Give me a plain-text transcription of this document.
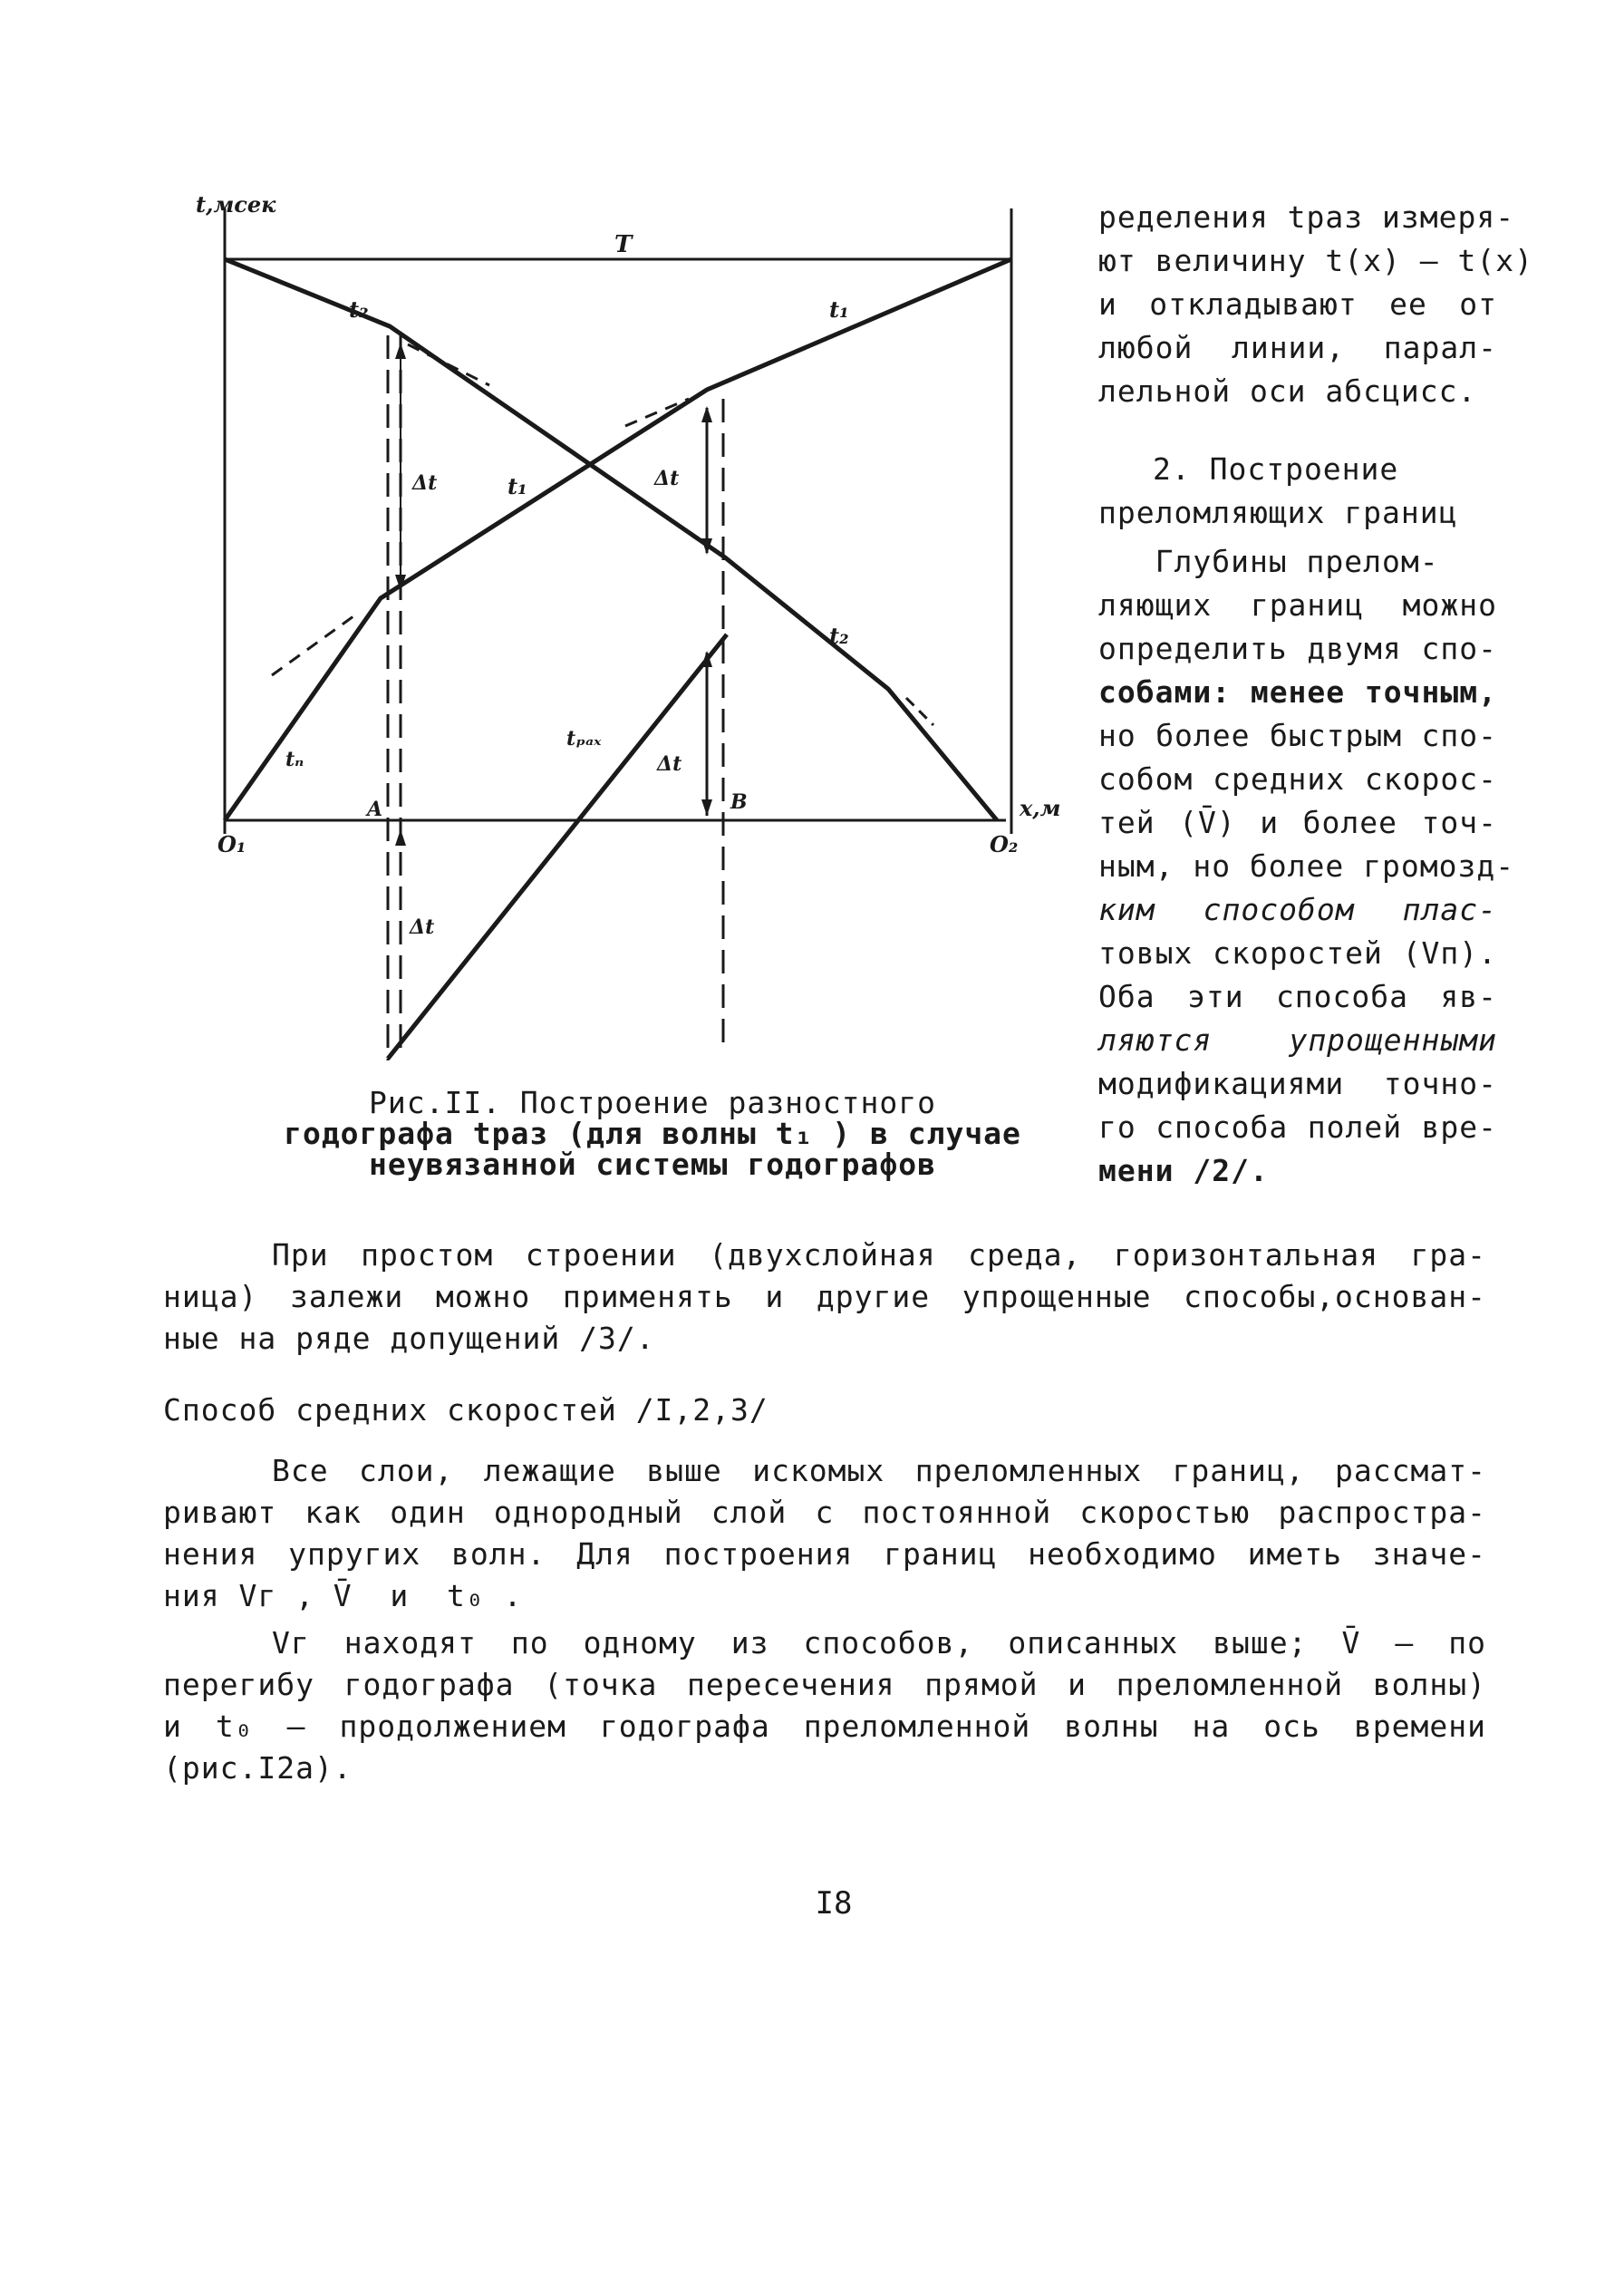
t,мсек
x,м
T
t₂	t₁
t₁
t₂
tₙ
tₚₐₓ
Δt	Δt
Δt
Δt
O₁	O₂
A	B
Рис.II. Построение разностного
годографа tраз (для волны t₁ ) в случае
неувязанной системы годографов
ределения tраз измеря-
ют величину t(x) – t(x)
и откладывают ее от
любой линии, парал-
лельной оси абсцисс.
2. Построение
преломляющих границ
Глубины прелом-
ляющих границ можно
определить двумя спо-
собами: менее точным,
но более быстрым спо-
собом средних скорос-
тей (V̄) и более точ-
ным, но более громозд-
ким способом плас-
товых скоростей (Vп).
Оба эти способа яв-
ляются упрощенными
модификациями точно-
го способа полей вре-
мени /2/.
При простом строении (двухслойная среда, горизонтальная гра-
ница) залежи можно применять и другие упрощенные способы,основан-
ные на ряде допущений /3/.
Способ средних скоростей /I,2,3/
Все слои, лежащие выше искомых преломленных границ, рассмат-
ривают как один однородный слой с постоянной скоростью распростра-
нения упругих волн. Для построения границ необходимо иметь значе-
ния Vг , V̄  и  t₀ .
Vг находят по одному из способов, описанных выше; V̄ — по
перегибу годографа (точка пересечения прямой и преломленной волны)
и t₀ — продолжением годографа преломленной волны на ось времени
(рис.I2а).
I8
